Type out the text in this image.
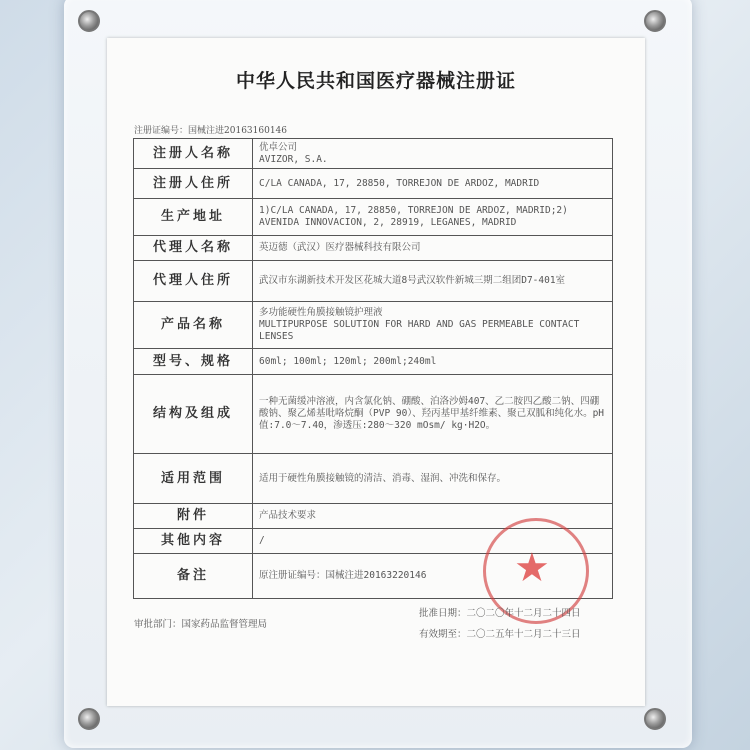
中华人民共和国医疗器械注册证
注册证编号：国械注进20163160146
注册人名称	优卓公司
AVIZOR, S.A.

注册人住所	C/LA CANADA, 17, 28850, TORREJON DE ARDOZ, MADRID

生产地址	1)C/LA CANADA, 17, 28850, TORREJON DE ARDOZ, MADRID;2)
AVENIDA INNOVACION, 2, 28919, LEGANES, MADRID

代理人名称	英迈德（武汉）医疗器械科技有限公司

代理人住所	武汉市东湖新技术开发区花城大道8号武汉软件新城三期二组团D7-401室

产品名称	多功能硬性角膜接触镜护理液
MULTIPURPOSE SOLUTION FOR HARD AND GAS PERMEABLE CONTACT LENSES

型号、规格	60ml; 100ml; 120ml; 200ml;240ml

结构及组成	一种无菌缓冲溶液，内含氯化钠、硼酸、泊洛沙姆407、乙二胺四乙酸二钠、四硼酸钠、聚乙烯基吡咯烷酮（PVP 90）、羟丙基甲基纤维素、聚己双胍和纯化水。pH值:7.0～7.40，渗透压:280～320 mOsm/ kg·H2O。

适用范围	适用于硬性角膜接触镜的清洁、消毒、湿润、冲洗和保存。

附件	产品技术要求

其他内容	/

备注	原注册证编号：国械注进20163220146	★
审批部门：国家药品监督管理局
批准日期：二〇二〇年十二月二十四日
有效期至：二〇二五年十二月二十三日
